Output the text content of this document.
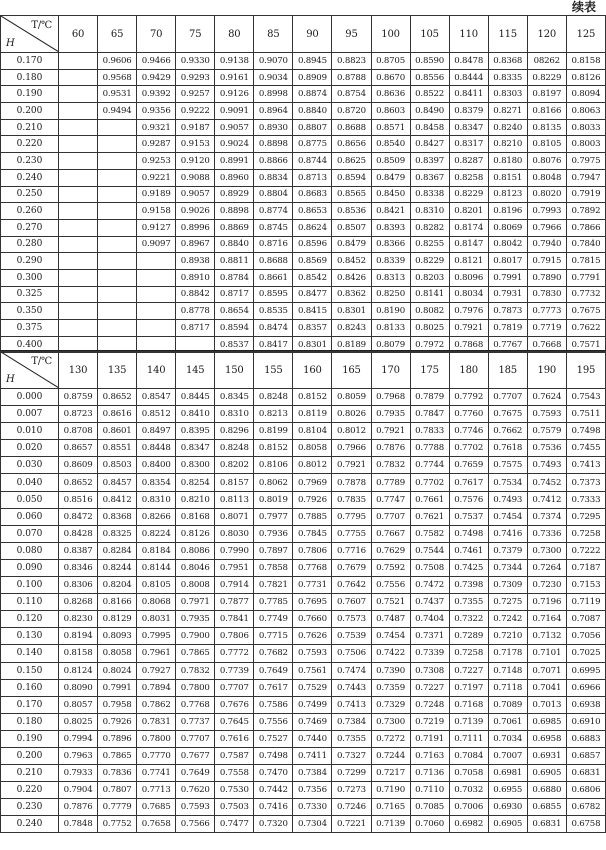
续表
T/℃
H	60	65	70	75	80	85	90	95	100	105	110	115	120	125
0.170		0.9606	0.9466	0.9330	0.9138	0.9070	0.8945	0.8823	0.8705	0.8590	0.8478	0.8368	08262	0.8158
0.180		0.9568	0.9429	0.9293	0.9161	0.9034	0.8909	0.8788	0.8670	0.8556	0.8444	0.8335	0.8229	0.8126
0.190		0.9531	0.9392	0.9257	0.9126	0.8998	0.8874	0.8754	0.8636	0.8522	0.8411	0.8303	0.8197	0.8094
0.200		0.9494	0.9356	0.9222	0.9091	0.8964	0.8840	0.8720	0.8603	0.8490	0.8379	0.8271	0.8166	0.8063
0.210			0.9321	0.9187	0.9057	0.8930	0.8807	0.8688	0.8571	0.8458	0.8347	0.8240	0.8135	0.8033
0.220			0.9287	0.9153	0.9024	0.8898	0.8775	0.8656	0.8540	0.8427	0.8317	0.8210	0.8105	0.8003
0.230			0.9253	0.9120	0.8991	0.8866	0.8744	0.8625	0.8509	0.8397	0.8287	0.8180	0.8076	0.7975
0.240			0.9221	0.9088	0.8960	0.8834	0.8713	0.8594	0.8479	0.8367	0.8258	0.8151	0.8048	0.7947
0.250			0.9189	0.9057	0.8929	0.8804	0.8683	0.8565	0.8450	0.8338	0.8229	0.8123	0.8020	0.7919
0.260			0.9158	0.9026	0.8898	0.8774	0.8653	0.8536	0.8421	0.8310	0.8201	0.8196	0.7993	0.7892
0.270			0.9127	0.8996	0.8869	0.8745	0.8624	0.8507	0.8393	0.8282	0.8174	0.8069	0.7966	0.7866
0.280			0.9097	0.8967	0.8840	0.8716	0.8596	0.8479	0.8366	0.8255	0.8147	0.8042	0.7940	0.7840
0.290				0.8938	0.8811	0.8688	0.8569	0.8452	0.8339	0.8229	0.8121	0.8017	0.7915	0.7815
0.300				0.8910	0.8784	0.8661	0.8542	0.8426	0.8313	0.8203	0.8096	0.7991	0.7890	0.7791
0.325				0.8842	0.8717	0.8595	0.8477	0.8362	0.8250	0.8141	0.8034	0.7931	0.7830	0.7732
0.350				0.8778	0.8654	0.8535	0.8415	0.8301	0.8190	0.8082	0.7976	0.7873	0.7773	0.7675
0.375				0.8717	0.8594	0.8474	0.8357	0.8243	0.8133	0.8025	0.7921	0.7819	0.7719	0.7622
0.400					0.8537	0.8417	0.8301	0.8189	0.8079	0.7972	0.7868	0.7767	0.7668	0.7571
T/℃
H	130	135	140	145	150	155	160	165	170	175	180	185	190	195
0.000	0.8759	0.8652	0.8547	0.8445	0.8345	0.8248	0.8152	0.8059	0.7968	0.7879	0.7792	0.7707	0.7624	0.7543
0.007	0.8723	0.8616	0.8512	0.8410	0.8310	0.8213	0.8119	0.8026	0.7935	0.7847	0.7760	0.7675	0.7593	0.7511
0.010	0.8708	0.8601	0.8497	0.8395	0.8296	0.8199	0.8104	0.8012	0.7921	0.7833	0.7746	0.7662	0.7579	0.7498
0.020	0.8657	0.8551	0.8448	0.8347	0.8248	0.8152	0.8058	0.7966	0.7876	0.7788	0.7702	0.7618	0.7536	0.7455
0.030	0.8609	0.8503	0.8400	0.8300	0.8202	0.8106	0.8012	0.7921	0.7832	0.7744	0.7659	0.7575	0.7493	0.7413
0.040	0.8652	0.8457	0.8354	0.8254	0.8157	0.8062	0.7969	0.7878	0.7789	0.7702	0.7617	0.7534	0.7452	0.7373
0.050	0.8516	0.8412	0.8310	0.8210	0.8113	0.8019	0.7926	0.7835	0.7747	0.7661	0.7576	0.7493	0.7412	0.7333
0.060	0.8472	0.8368	0.8266	0.8168	0.8071	0.7977	0.7885	0.7795	0.7707	0.7621	0.7537	0.7454	0.7374	0.7295
0.070	0.8428	0.8325	0.8224	0.8126	0.8030	0.7936	0.7845	0.7755	0.7667	0.7582	0.7498	0.7416	0.7336	0.7258
0.080	0.8387	0.8284	0.8184	0.8086	0.7990	0.7897	0.7806	0.7716	0.7629	0.7544	0.7461	0.7379	0.7300	0.7222
0.090	0.8346	0.8244	0.8144	0.8046	0.7951	0.7858	0.7768	0.7679	0.7592	0.7508	0.7425	0.7344	0.7264	0.7187
0.100	0.8306	0.8204	0.8105	0.8008	0.7914	0.7821	0.7731	0.7642	0.7556	0.7472	0.7398	0.7309	0.7230	0.7153
0.110	0.8268	0.8166	0.8068	0.7971	0.7877	0.7785	0.7695	0.7607	0.7521	0.7437	0.7355	0.7275	0.7196	0.7119
0.120	0.8230	0.8129	0.8031	0.7935	0.7841	0.7749	0.7660	0.7573	0.7487	0.7404	0.7322	0.7242	0.7164	0.7087
0.130	0.8194	0.8093	0.7995	0.7900	0.7806	0.7715	0.7626	0.7539	0.7454	0.7371	0.7289	0.7210	0.7132	0.7056
0.140	0.8158	0.8058	0.7961	0.7865	0.7772	0.7682	0.7593	0.7506	0.7422	0.7339	0.7258	0.7178	0.7101	0.7025
0.150	0.8124	0.8024	0.7927	0.7832	0.7739	0.7649	0.7561	0.7474	0.7390	0.7308	0.7227	0.7148	0.7071	0.6995
0.160	0.8090	0.7991	0.7894	0.7800	0.7707	0.7617	0.7529	0.7443	0.7359	0.7227	0.7197	0.7118	0.7041	0.6966
0.170	0.8057	0.7958	0.7862	0.7768	0.7676	0.7586	0.7499	0.7413	0.7329	0.7248	0.7168	0.7089	0.7013	0.6938
0.180	0.8025	0.7926	0.7831	0.7737	0.7645	0.7556	0.7469	0.7384	0.7300	0.7219	0.7139	0.7061	0.6985	0.6910
0.190	0.7994	0.7896	0.7800	0.7707	0.7616	0.7527	0.7440	0.7355	0.7272	0.7191	0.7111	0.7034	0.6958	0.6883
0.200	0.7963	0.7865	0.7770	0.7677	0.7587	0.7498	0.7411	0.7327	0.7244	0.7163	0.7084	0.7007	0.6931	0.6857
0.210	0.7933	0.7836	0.7741	0.7649	0.7558	0.7470	0.7384	0.7299	0.7217	0.7136	0.7058	0.6981	0.6905	0.6831
0.220	0.7904	0.7807	0.7713	0.7620	0.7530	0.7442	0.7356	0.7273	0.7190	0.7110	0.7032	0.6955	0.6880	0.6806
0.230	0.7876	0.7779	0.7685	0.7593	0.7503	0.7416	0.7330	0.7246	0.7165	0.7085	0.7006	0.6930	0.6855	0.6782
0.240	0.7848	0.7752	0.7658	0.7566	0.7477	0.7320	0.7304	0.7221	0.7139	0.7060	0.6982	0.6905	0.6831	0.6758
